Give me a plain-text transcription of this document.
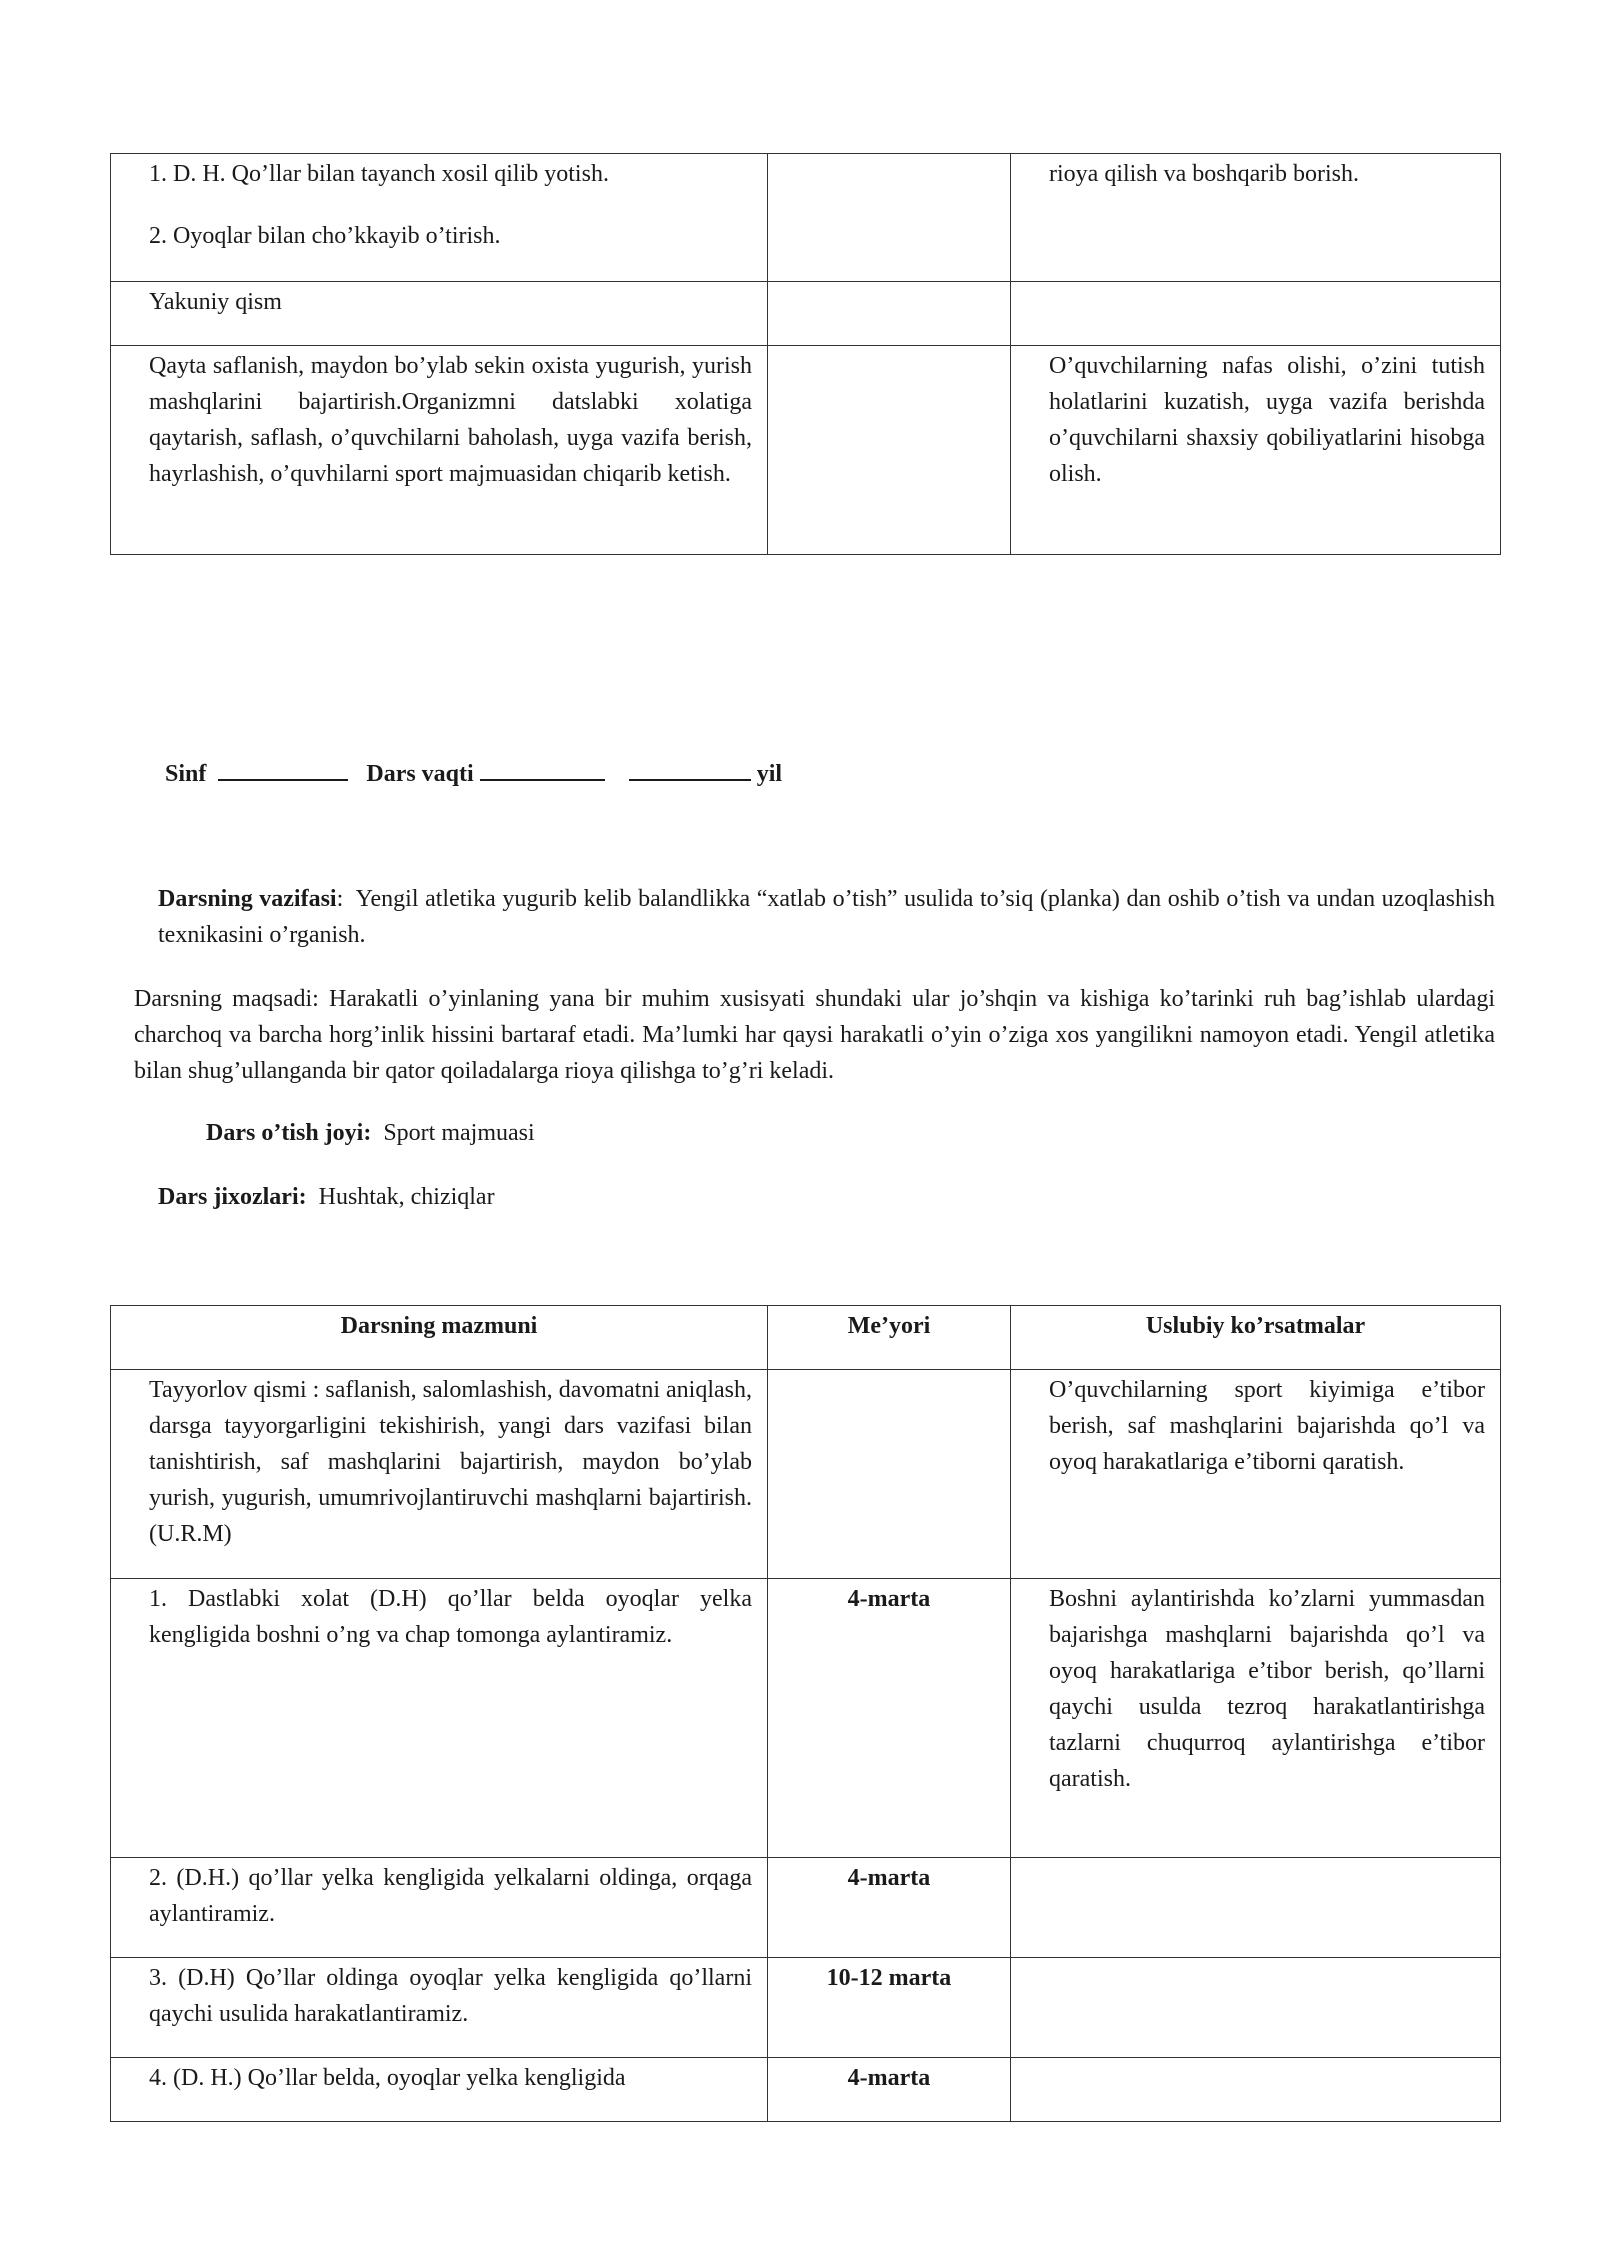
1. D. H. Qo’llar bilan tayanch xosil qilib yotish.

2. Oyoqlar bilan cho’kkayib o’tirish.		rioya qilish va boshqarib borish.
Yakuniy qism		
Qayta saflanish, maydon bo’ylab sekin oxista yugurish, yurish mashqlarini bajartirish.Organizmni datslabki xolatiga qaytarish, saflash, o’quvchilarni baholash, uyga vazifa berish, hayrlashish, o’quvhilarni sport majmuasidan chiqarib ketish.		O’quvchilarning nafas olishi, o’zini tutish holatlarini kuzatish, uyga vazifa berishda o’quvchilarni shaxsiy qobiliyatlarini hisobga olish.

Sinf	Dars vaqti	yil

Darsning vazifasi:  Yengil atletika yugurib kelib balandlikka “xatlab o’tish” usulida to’siq (planka) dan oshib o’tish va undan uzoqlashish texnikasini o’rganish.

Darsning maqsadi: Harakatli o’yinlaning yana bir muhim xusisyati shundaki ular jo’shqin va kishiga ko’tarinki ruh bag’ishlab ulardagi charchoq va barcha horg’inlik hissini bartaraf etadi. Ma’lumki har qaysi harakatli o’yin o’ziga xos yangilikni namoyon etadi. Yengil atletika bilan shug’ullanganda bir qator qoiladalarga rioya qilishga to’g’ri keladi.

Dars o’tish joyi: Sport majmuasi

Dars jixozlari: Hushtak, chiziqlar

Darsning mazmuni	Me’yori	Uslubiy ko’rsatmalar
Tayyorlov qismi : saflanish, salomlashish, davomatni aniqlash, darsga tayyorgarligini tekishirish, yangi dars vazifasi bilan tanishtirish, saf mashqlarini bajartirish, maydon bo’ylab yurish, yugurish, umumrivojlantiruvchi mashqlarni bajartirish. (U.R.M)		O’quvchilarning sport kiyimiga e’tibor berish, saf mashqlarini bajarishda qo’l va oyoq harakatlariga e’tiborni qaratish.
1. Dastlabki xolat (D.H) qo’llar belda oyoqlar yelka kengligida boshni o’ng va chap tomonga aylantiramiz.	4-marta	Boshni aylantirishda ko’zlarni yummasdan bajarishga mashqlarni bajarishda qo’l va oyoq harakatlariga e’tibor berish, qo’llarni qaychi usulda tezroq harakatlantirishga tazlarni chuqurroq aylantirishga e’tibor qaratish.
2. (D.H.) qo’llar yelka kengligida yelkalarni oldinga, orqaga aylantiramiz.	4-marta	
3. (D.H) Qo’llar oldinga oyoqlar yelka kengligida qo’llarni qaychi usulida harakatlantiramiz.	10-12 marta	
4. (D. H.) Qo’llar belda, oyoqlar yelka kengligida	4-marta	
